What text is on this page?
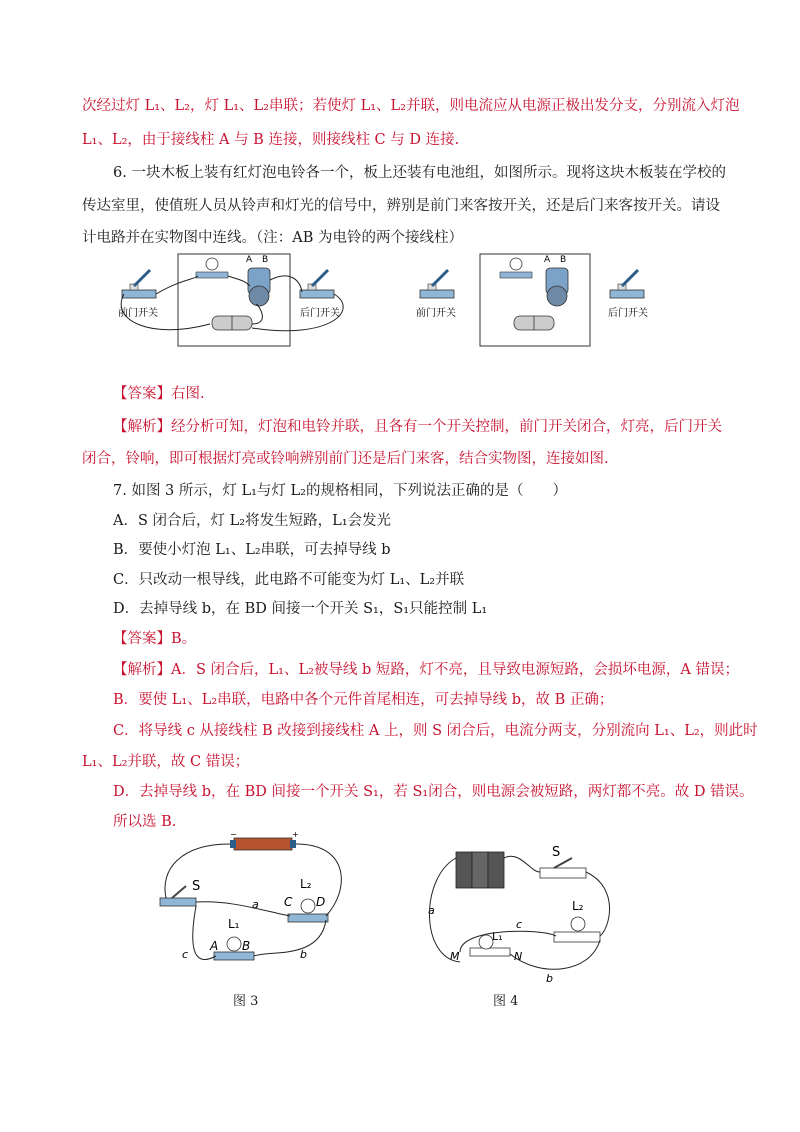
次经过灯 L₁、L₂，灯 L₁、L₂串联；若使灯 L₁、L₂并联，则电流应从电源正极出发分支，分别流入灯泡
L₁、L₂，由于接线柱 A 与 B 连接，则接线柱 C 与 D 连接.
6. 一块木板上装有红灯泡电铃各一个，板上还装有电池组，如图所示。现将这块木板装在学校的
传达室里，使值班人员从铃声和灯光的信号中，辨别是前门来客按开关，还是后门来客按开关。请设
计电路并在实物图中连线。（注：AB 为电铃的两个接线柱）
前门开关
A B
后门开关	前门开关
A B
后门开关
【答案】右图.
【解析】经分析可知，灯泡和电铃并联，且各有一个开关控制，前门开关闭合，灯亮，后门开关
闭合，铃响，即可根据灯亮或铃响辨别前门还是后门来客，结合实物图，连接如图.
7. 如图 3 所示，灯 L₁与灯 L₂的规格相同，下列说法正确的是（　　）
A．S 闭合后，灯 L₂将发生短路，L₁会发光
B．要使小灯泡 L₁、L₂串联，可去掉导线 b
C．只改动一根导线，此电路不可能变为灯 L₁、L₂并联
D．去掉导线 b，在 BD 间接一个开关 S₁，S₁只能控制 L₁
【答案】B。
【解析】A．S 闭合后，L₁、L₂被导线 b 短路，灯不亮，且导致电源短路，会损坏电源，A 错误；
B．要使 L₁、L₂串联，电路中各个元件首尾相连，可去掉导线 b，故 B 正确；
C．将导线 c 从接线柱 B 改接到接线柱 A 上，则 S 闭合后，电流分两支，分别流向 L₁、L₂，则此时
L₁、L₂并联，故 C 错误；
D．去掉导线 b，在 BD 间接一个开关 S₁，若 S₁闭合，则电源会被短路，两灯都不亮。故 D 错误。
所以选 B.
−	+
S	L₂
C D
L₁
A B
a
b
c
图 3
S
L₂
L₁
M	N
a
b
c
图 4
